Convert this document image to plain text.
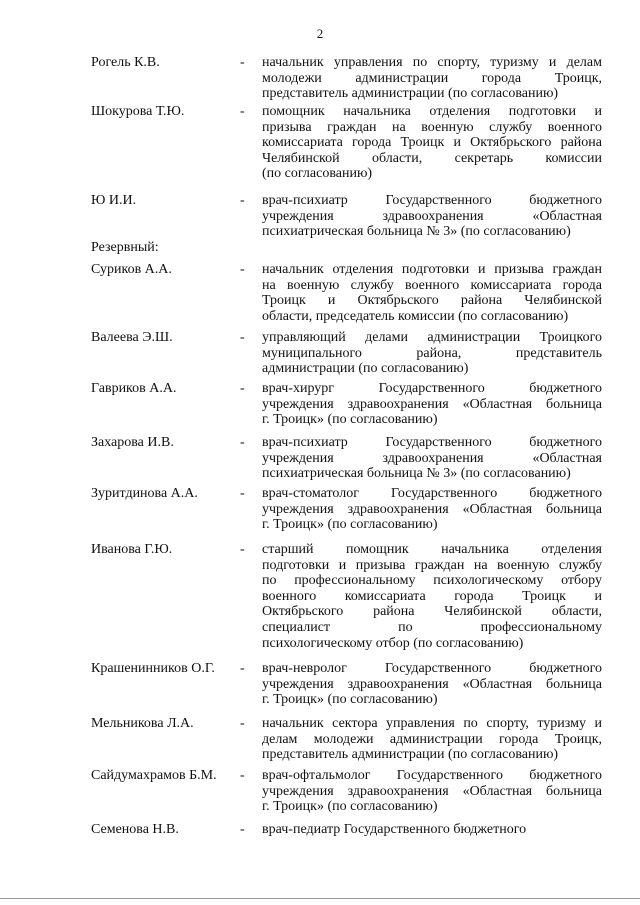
2
Рогель К.В.	- начальник управления по спорту, туризму и делам
молодежи администрации города Троицк,
представитель администрации (по согласованию)
Шокурова Т.Ю.	- помощник начальника отделения подготовки и
призыва граждан на военную службу военного
комиссариата города Троицк и Октябрьского района
Челябинской области, секретарь комиссии
(по согласованию)
Ю И.И.	- врач-психиатр Государственного бюджетного
учреждения здравоохранения «Областная
психиатрическая больница № 3» (по согласованию)
Резервный:
Суриков А.А.	- начальник отделения подготовки и призыва граждан
на военную службу военного комиссариата города
Троицк и Октябрьского района Челябинской
области, председатель комиссии (по согласованию)
Валеева Э.Ш.	- управляющий делами администрации Троицкого
муниципального района, представитель
администрации (по согласованию)
Гавриков А.А.	- врач-хирург Государственного бюджетного
учреждения здравоохранения «Областная больница
г. Троицк» (по согласованию)
Захарова И.В.	- врач-психиатр Государственного бюджетного
учреждения здравоохранения «Областная
психиатрическая больница № 3» (по согласованию)
Зуритдинова А.А.	- врач-стоматолог Государственного бюджетного
учреждения здравоохранения «Областная больница
г. Троицк» (по согласованию)
Иванова Г.Ю.	- старший помощник начальника отделения
подготовки и призыва граждан на военную службу
по профессиональному психологическому отбору
военного комиссариата города Троицк и
Октябрьского района Челябинской области,
специалист по профессиональному
психологическому отбор (по согласованию)
Крашенинников О.Г. - врач-невролог Государственного бюджетного
учреждения здравоохранения «Областная больница
г. Троицк» (по согласованию)
Мельникова Л.А.	- начальник сектора управления по спорту, туризму и
делам молодежи администрации города Троицк,
представитель администрации (по согласованию)
Сайдумахрамов Б.М. - врач-офтальмолог Государственного бюджетного
учреждения здравоохранения «Областная больница
г. Троицк» (по согласованию)
Семенова Н.В.	- врач-педиатр Государственного бюджетного
